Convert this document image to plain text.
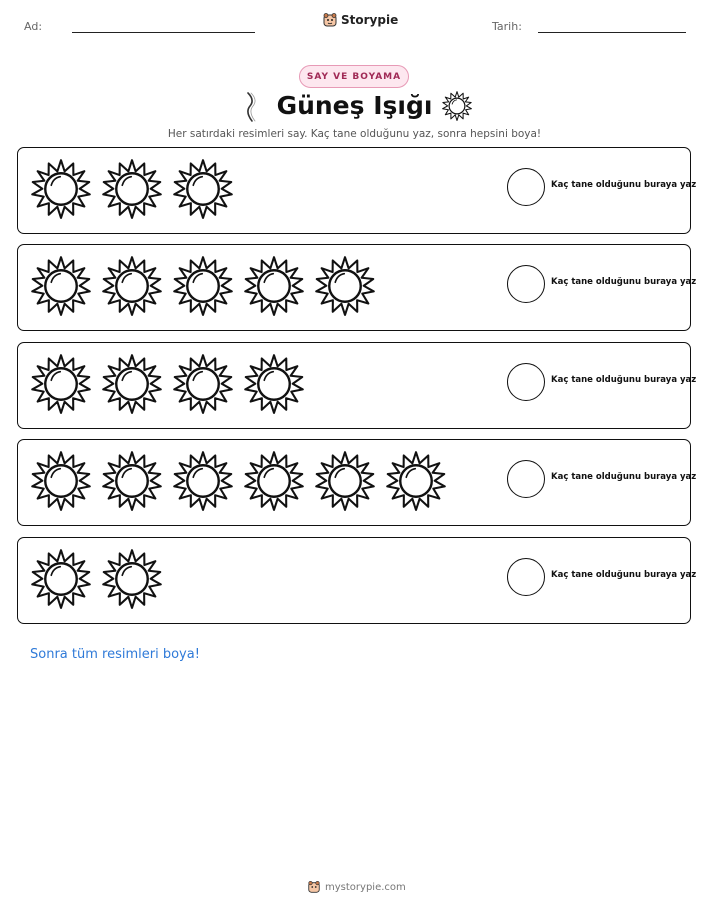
Ad:	Storypie	Tarih:
SAY VE BOYAMA
Güneş Işığı
Her satırdaki resimleri say. Kaç tane olduğunu yaz, sonra hepsini boya!
Kaç tane olduğunu buraya yaz
Kaç tane olduğunu buraya yaz
Kaç tane olduğunu buraya yaz
Kaç tane olduğunu buraya yaz
Kaç tane olduğunu buraya yaz
Sonra tüm resimleri boya!
mystorypie.com
